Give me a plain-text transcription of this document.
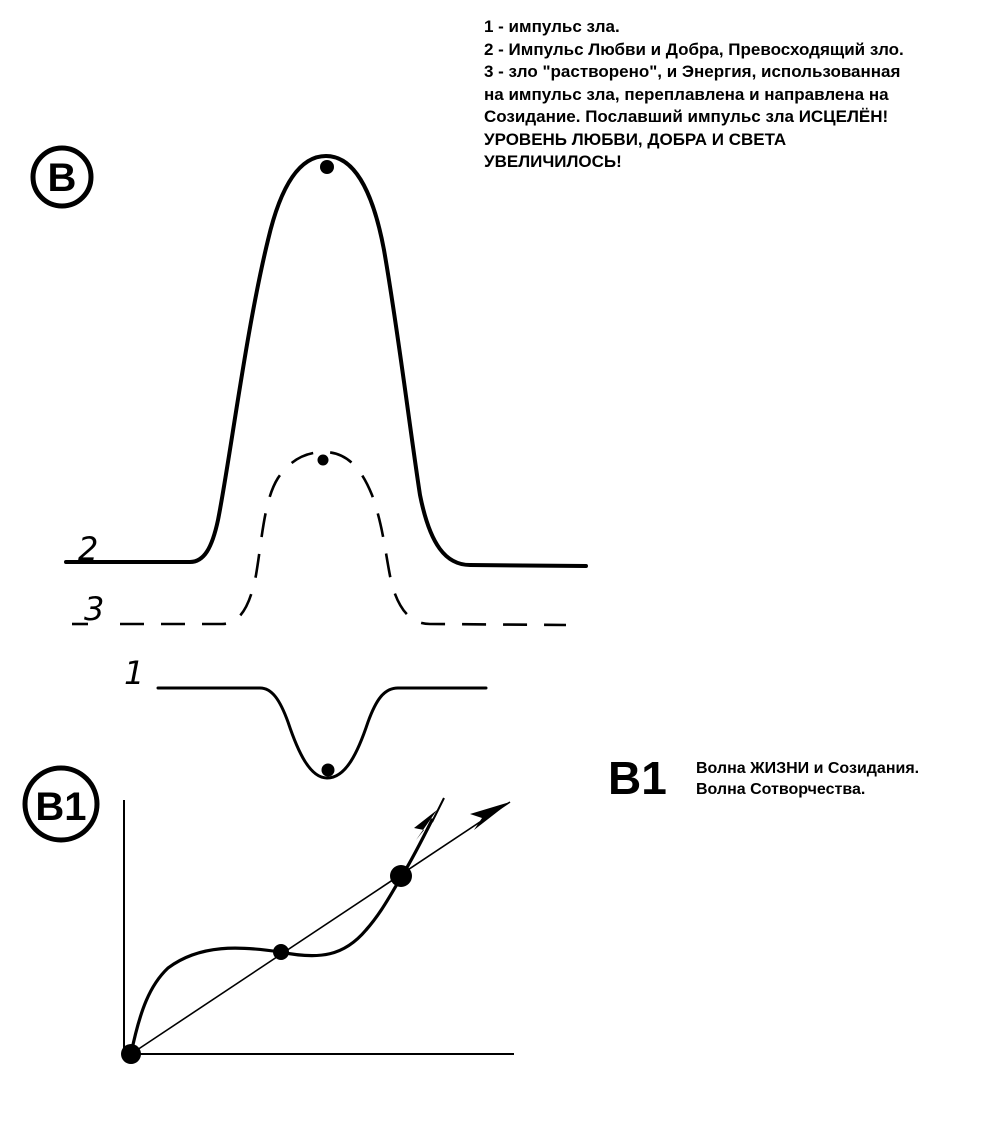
B
2
3
1
B1
1 - импульс зла.
2 - Импульс Любви и Добра, Превосходящий зло.
3 - зло "растворено", и Энергия, использованная
на импульс зла, переплавлена и направлена на
Созидание. Пославший импульс зла ИСЦЕЛЁН!
УРОВЕНЬ ЛЮБВИ, ДОБРА И СВЕТА
УВЕЛИЧИЛОСЬ!
B1 Волна ЖИЗНИ и Созидания.
Волна Сотворчества.
